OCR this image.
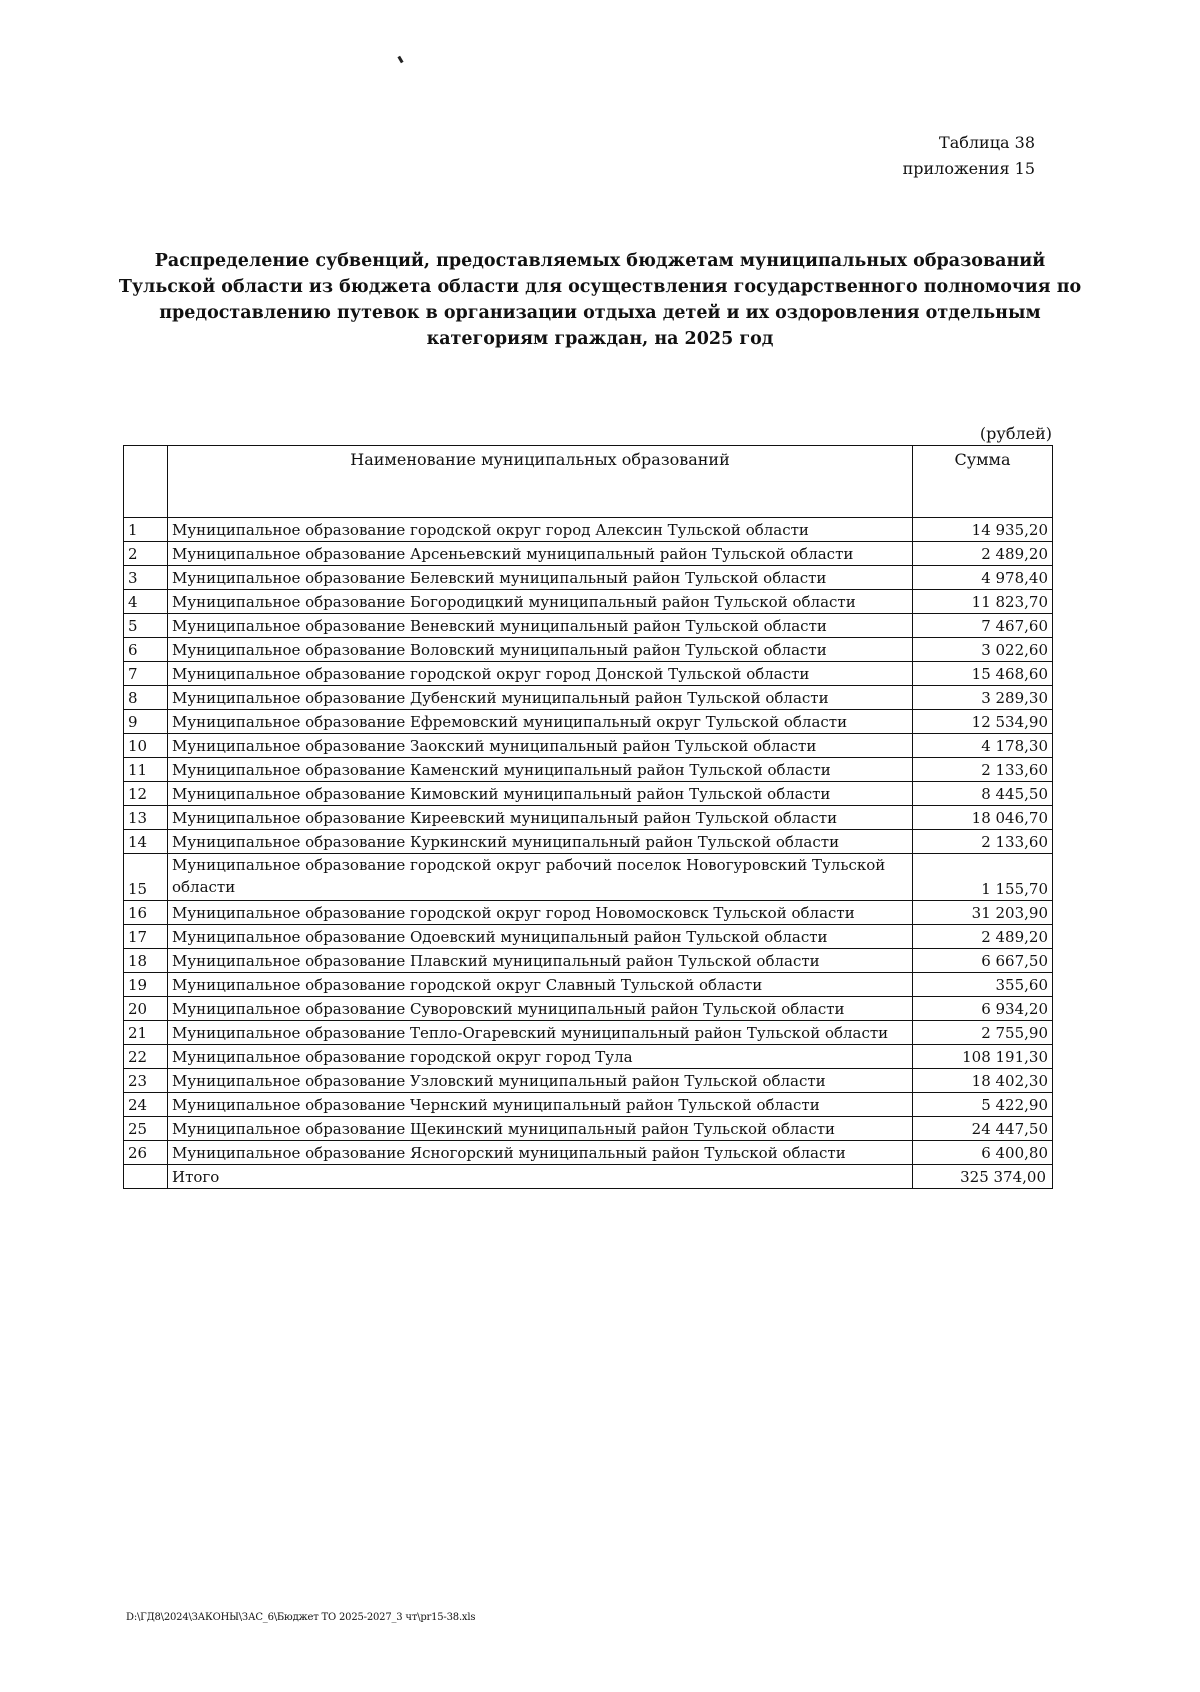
Таблица 38
приложения 15
Распределение субвенций, предоставляемых бюджетам муниципальных образований
Тульской области из бюджета области для осуществления государственного полномочия по
предоставлению путевок в организации отдыха детей и их оздоровления отдельным
категориям граждан, на 2025 год
(рублей)
	Наименование муниципальных образований	Сумма
1	Муниципальное образование городской округ город Алексин Тульской области	14 935,20
2	Муниципальное образование Арсеньевский муниципальный район Тульской области	2 489,20
3	Муниципальное образование Белевский муниципальный район Тульской области	4 978,40
4	Муниципальное образование Богородицкий муниципальный район Тульской области	11 823,70
5	Муниципальное образование Веневский муниципальный район Тульской области	7 467,60
6	Муниципальное образование Воловский муниципальный район Тульской области	3 022,60
7	Муниципальное образование городской округ город Донской Тульской области	15 468,60
8	Муниципальное образование Дубенский муниципальный район Тульской области	3 289,30
9	Муниципальное образование Ефремовский муниципальный округ Тульской области	12 534,90
10	Муниципальное образование Заокский муниципальный район Тульской области	4 178,30
11	Муниципальное образование Каменский муниципальный район Тульской области	2 133,60
12	Муниципальное образование Кимовский муниципальный район Тульской области	8 445,50
13	Муниципальное образование Киреевский муниципальный район Тульской области	18 046,70
14	Муниципальное образование Куркинский муниципальный район Тульской области	2 133,60
15	Муниципальное образование городской округ рабочий поселок Новогуровский Тульской области	1 155,70
16	Муниципальное образование городской округ город Новомосковск Тульской области	31 203,90
17	Муниципальное образование Одоевский муниципальный район Тульской области	2 489,20
18	Муниципальное образование Плавский муниципальный район Тульской области	6 667,50
19	Муниципальное образование городской округ Славный Тульской области	355,60
20	Муниципальное образование Суворовский муниципальный район Тульской области	6 934,20
21	Муниципальное образование Тепло-Огаревский муниципальный район Тульской области	2 755,90
22	Муниципальное образование городской округ город Тула	108 191,30
23	Муниципальное образование Узловский муниципальный район Тульской области	18 402,30
24	Муниципальное образование Чернский муниципальный район Тульской области	5 422,90
25	Муниципальное образование Щекинский муниципальный район Тульской области	24 447,50
26	Муниципальное образование Ясногорский муниципальный район Тульской области	6 400,80
	Итого	325 374,00
D:\ГД8\2024\ЗАКОНЫ\ЗАС_6\Бюджет ТО 2025-2027_3 чт\pr15-38.xls
